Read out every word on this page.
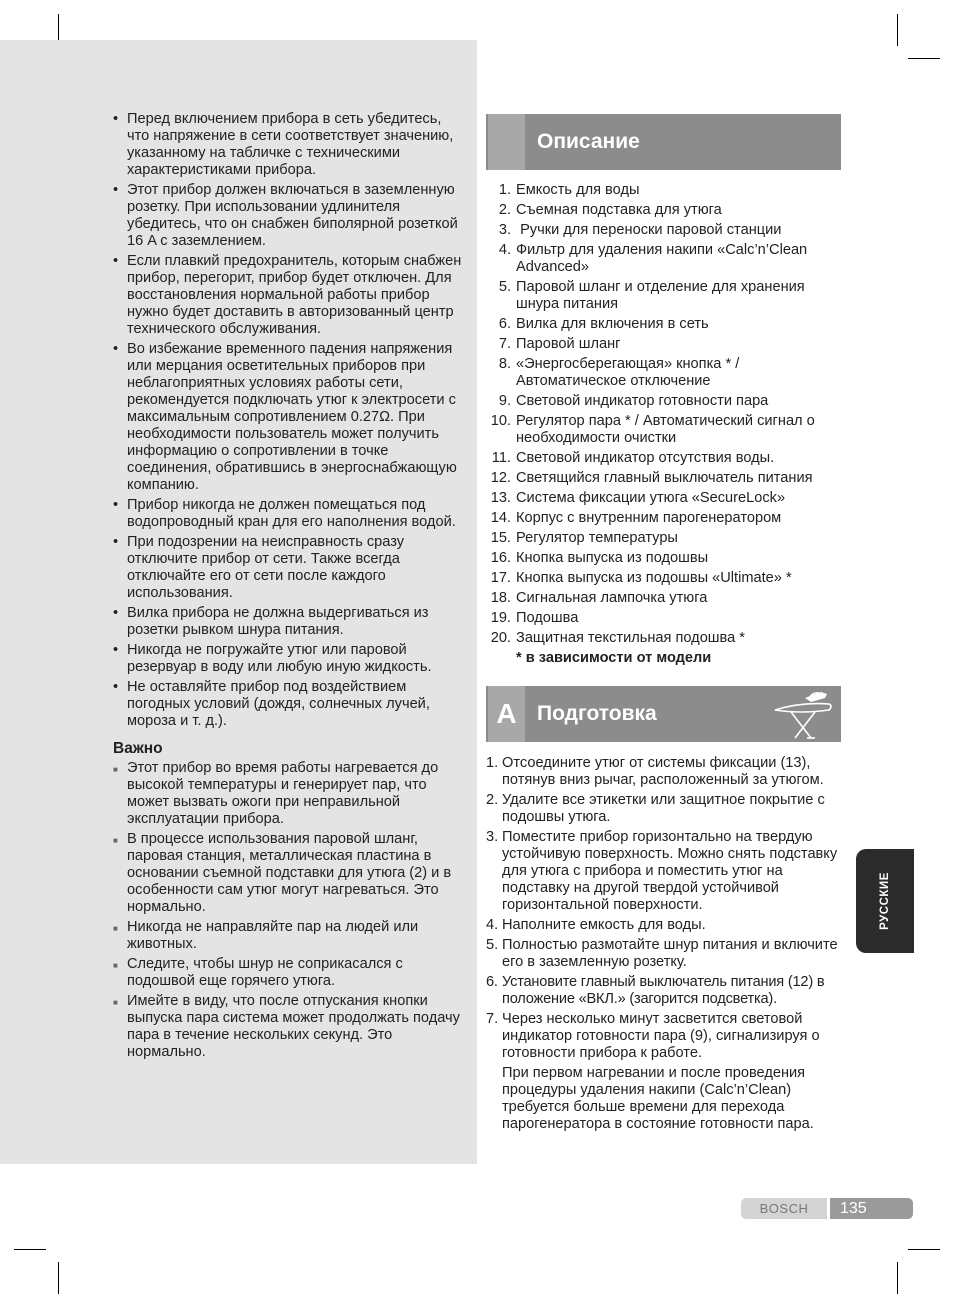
• Перед включением прибора в сеть убедитесь, что напряжение в сети соответствует значению, указанному на табличке с техническими характеристиками прибора.
• Этот прибор должен включаться в заземленную розетку. При использовании удлинителя убедитесь, что он снабжен биполярной розеткой 16 A с заземлением.
• Если плавкий предохранитель, которым снабжен прибор, перегорит, прибор будет отключен. Для восстановления нормальной работы прибор нужно будет доставить в авторизованный центр технического обслуживания.
• Во избежание временного падения напряжения или мерцания осветительных приборов при неблагоприятных условиях работы сети, рекомендуется подключать утюг к электросети с максимальным сопротивлением 0.27Ω. При необходимости пользователь может получить информацию о сопротивлении в точке соединения, обратившись в энергоснабжающую компанию.
• Прибор никогда не должен помещаться под водопроводный кран для его наполнения водой.
• При подозрении на неисправность сразу отключите прибор от сети. Также всегда отключайте его от сети после каждого использования.
• Вилка прибора не должна выдергиваться из розетки рывком шнура питания.
• Никогда не погружайте утюг или паровой резервуар в воду или любую иную жидкость.
• Не оставляйте прибор под воздействием погодных условий (дождя, солнечных лучей, мороза и т. д.).
Важно
■ Этот прибор во время работы нагревается до высокой температуры и генерирует пар, что может вызвать ожоги при неправильной эксплуатации прибора.
■ В процессе использования паровой шланг, паровая станция, металлическая пластина в основании съемной подставки для утюга (2) и в особенности сам утюг могут нагреваться. Это нормально.
■ Никогда не направляйте пар на людей или животных.
■ Следите, чтобы шнур не соприкасался с подошвой еще горячего утюга.
■ Имейте в виду, что после отпускания кнопки выпуска пара система может продолжать подачу пара в течение нескольких секунд. Это нормально.
Описание
1. Емкость для воды
2. Съемная подставка для утюга
3. Ручки для переноски паровой станции
4. Фильтр для удаления накипи «Calc’n’Clean Advanced»
5. Паровой шланг и отделение для хранения шнура питания
6. Вилка для включения в сеть
7. Паровой шланг
8. «Энергосберегающая» кнопка * / Автоматическое отключение
9. Световой индикатор готовности пара
10. Регулятор пара * / Автоматический сигнал о необходимости очистки
11. Световой индикатор отсутствия воды.
12. Светящийся главный выключатель питания
13. Система фиксации утюга «SecureLock»
14. Корпус с внутренним парогенератором
15. Регулятор температуры
16. Кнопка выпуска из подошвы
17. Кнопка выпуска из подошвы «Ultimate» *
18. Сигнальная лампочка утюга
19. Подошва
20. Защитная текстильная подошва *
* в зависимости от модели
A Подготовка
1. Отсоедините утюг от системы фиксации (13), потянув вниз рычаг, расположенный за утюгом.
2. Удалите все этикетки или защитное покрытие с подошвы утюга.
3. Поместите прибор горизонтально на твердую устойчивую поверхность. Можно снять подставку для утюга с прибора и поместить утюг на подставку на другой твердой устойчивой горизонтальной поверхности.
4. Наполните емкость для воды.
5. Полностью размотайте шнур питания и включите его в заземленную розетку.
6. Установите главный выключатель питания (12) в положение «ВКЛ.» (загорится подсветка).
7. Через несколько минут засветится световой индикатор готовности пара (9), сигнализируя о готовности прибора к работе.
При первом нагревании и после проведения процедуры удаления накипи (Calc’n’Clean) требуется больше времени для перехода парогенератора в состояние готовности пара.
РУССКИЕ
BOSCH	135
